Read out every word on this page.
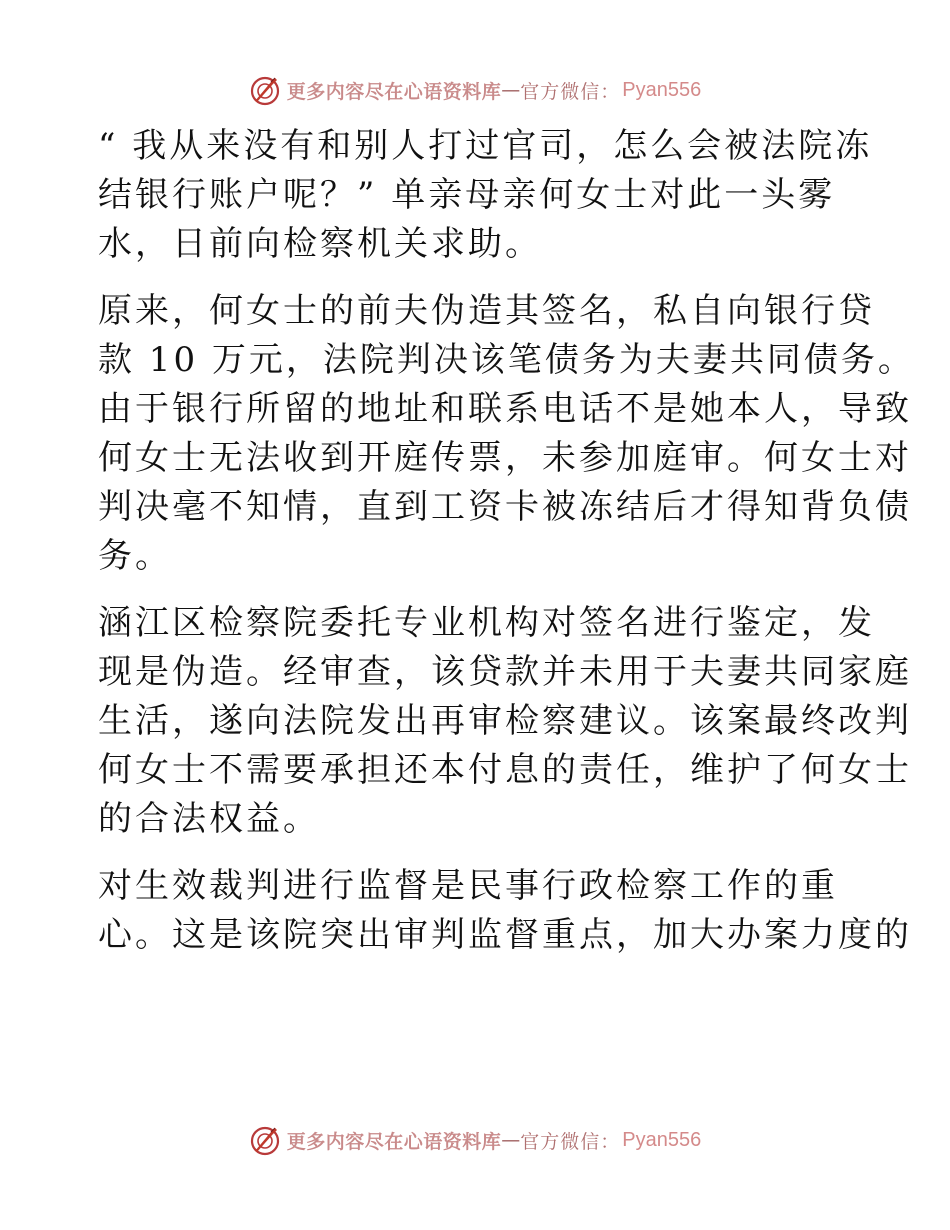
更多内容尽在心语资料库 — 官方微信： Pyan556
“ 我从来没有和别人打过官司，怎么会被法院冻
结银行账户呢？” 单亲母亲何女士对此一头雾
水，日前向检察机关求助。
原来，何女士的前夫伪造其签名，私自向银行贷
款 10 万元，法院判决该笔债务为夫妻共同债务。
由于银行所留的地址和联系电话不是她本人，导致
何女士无法收到开庭传票，未参加庭审。何女士对
判决毫不知情，直到工资卡被冻结后才得知背负债
务。
涵江区检察院委托专业机构对签名进行鉴定，发
现是伪造。经审查，该贷款并未用于夫妻共同家庭
生活，遂向法院发出再审检察建议。该案最终改判
何女士不需要承担还本付息的责任，维护了何女士
的合法权益。
对生效裁判进行监督是民事行政检察工作的重
心。这是该院突出审判监督重点，加大办案力度的
更多内容尽在心语资料库 — 官方微信： Pyan556
